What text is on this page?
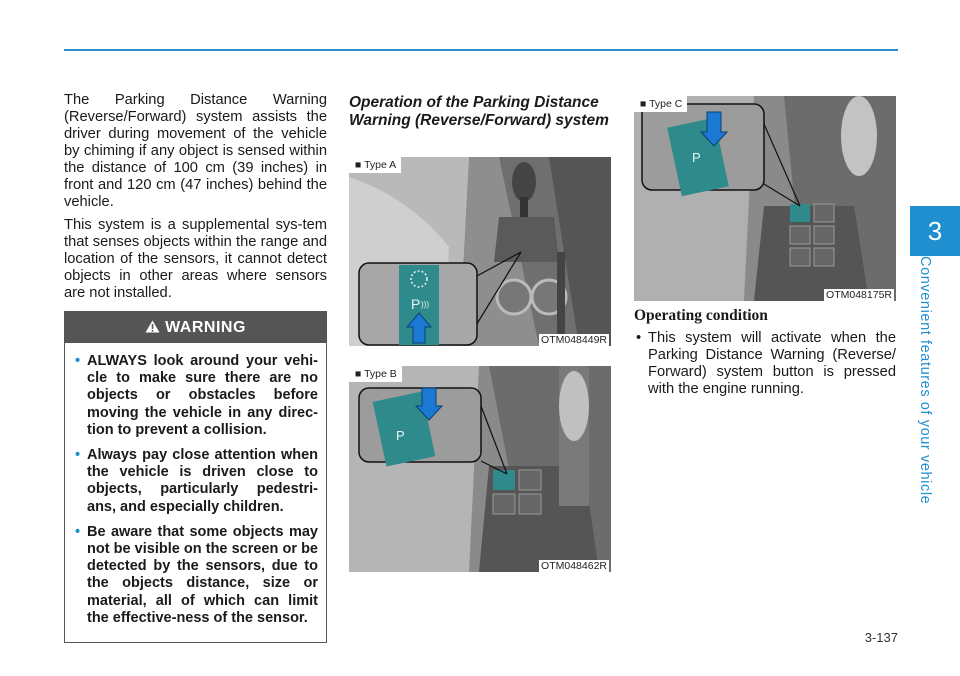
3
Convenient features of your vehicle

The Parking Distance Warning (Reverse/Forward) system assists the driver during movement of the vehicle by chiming if any object is sensed within the distance of 100 cm (39 inches) in front and 120 cm (47 inches) behind the vehicle.

This system is a supplemental sys-tem that senses objects within the range and location of the sensors, it cannot detect objects in other areas where sensors are not installed.

WARNING
• ALWAYS look around your vehi-cle to make sure there are no objects or obstacles before moving the vehicle in any direc-tion to prevent a collision.
• Always pay close attention when the vehicle is driven close to objects, particularly pedestri-ans, and especially children.
• Be aware that some objects may not be visible on the screen or be detected by the sensors, due to the objects distance, size or material, all of which can limit the effective-ness of the sensor.
Operation of the Parking Distance Warning (Reverse/Forward) system
P )))
■ Type A
OTM048449R
P
■ Type B
OTM048462R
P
■ Type C
OTM048175R
Operating condition
• This system will activate when the Parking Distance Warning (Reverse/ Forward) system button is pressed with the engine running.
3-137
